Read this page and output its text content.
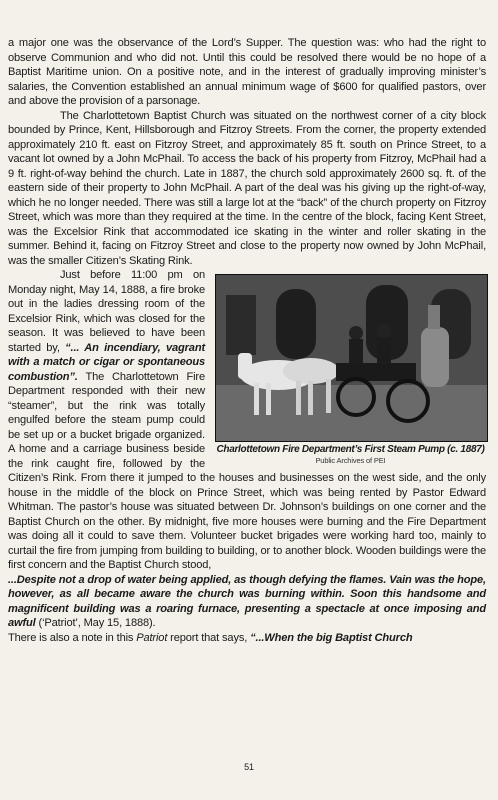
a major one was the observance of the Lord’s Supper. The question was: who had the right to observe Communion and who did not. Until this could be resolved there would be no hope of a Baptist Maritime union. On a positive note, and in the interest of gradually improving minister’s salaries, the Convention established an annual minimum wage of $600 for qualified pastors, over and above the provision of a parsonage.

The Charlottetown Baptist Church was situated on the northwest corner of a city block bounded by Prince, Kent, Hillsborough and Fitzroy Streets. From the corner, the property extended approximately 210 ft. east on Fitzroy Street, and approximately 85 ft. south on Prince Street, to a vacant lot owned by a John McPhail. To access the back of his property from Fitzroy, McPhail had a 9 ft. right-of-way behind the church. Late in 1887, the church sold approximately 2600 sq. ft. of the eastern side of their property to John McPhail. A part of the deal was his giving up the right-of-way, which he no longer needed. There was still a large lot at the “back” of the church property on Fitzroy Street, which was more than they required at the time. In the centre of the block, facing Kent Street, was the Excelsior Rink that accommodated ice skating in the winter and roller skating in the summer. Behind it, facing on Fitzroy Street and close to the property now owned by John McPhail, was the smaller Citizen’s Skating Rink.

Charlottetown Fire Department’s First Steam Pump (c. 1887)
Public Archives of PEI

Just before 11:00 pm on Monday night, May 14, 1888, a fire broke out in the ladies dressing room of the Excelsior Rink, which was closed for the season. It was believed to have been started by, “... An incendiary, vagrant with a match or cigar or spontaneous combustion”. The Charlottetown Fire Department responded with their new “steamer”, but the rink was totally engulfed before the steam pump could be set up or a bucket brigade organized. A home and a carriage business beside the rink caught fire, followed by the Citizen’s Rink. From there it jumped to the houses and businesses on the west side, and the only house in the middle of the block on Prince Street, which was being rented by Pastor Edward Whitman. The pastor’s house was situated between Dr. Johnson’s buildings on one corner and the Baptist Church on the other. By midnight, five more houses were burning and the Fire Department was doing all it could to save them. Volunteer bucket brigades were working hard too, mainly to curtail the fire from jumping from building to building, or to another block. Wooden buildings were the first concern and the Baptist Church stood,

...Despite not a drop of water being applied, as though defying the flames. Vain was the hope, however, as all became aware the church was burning within. Soon this handsome and magnificent building was a roaring furnace, presenting a spectacle at once imposing and awful (‘Patriot’, May 15, 1888).

There is also a note in this Patriot report that says, “...When the big Baptist Church

51
